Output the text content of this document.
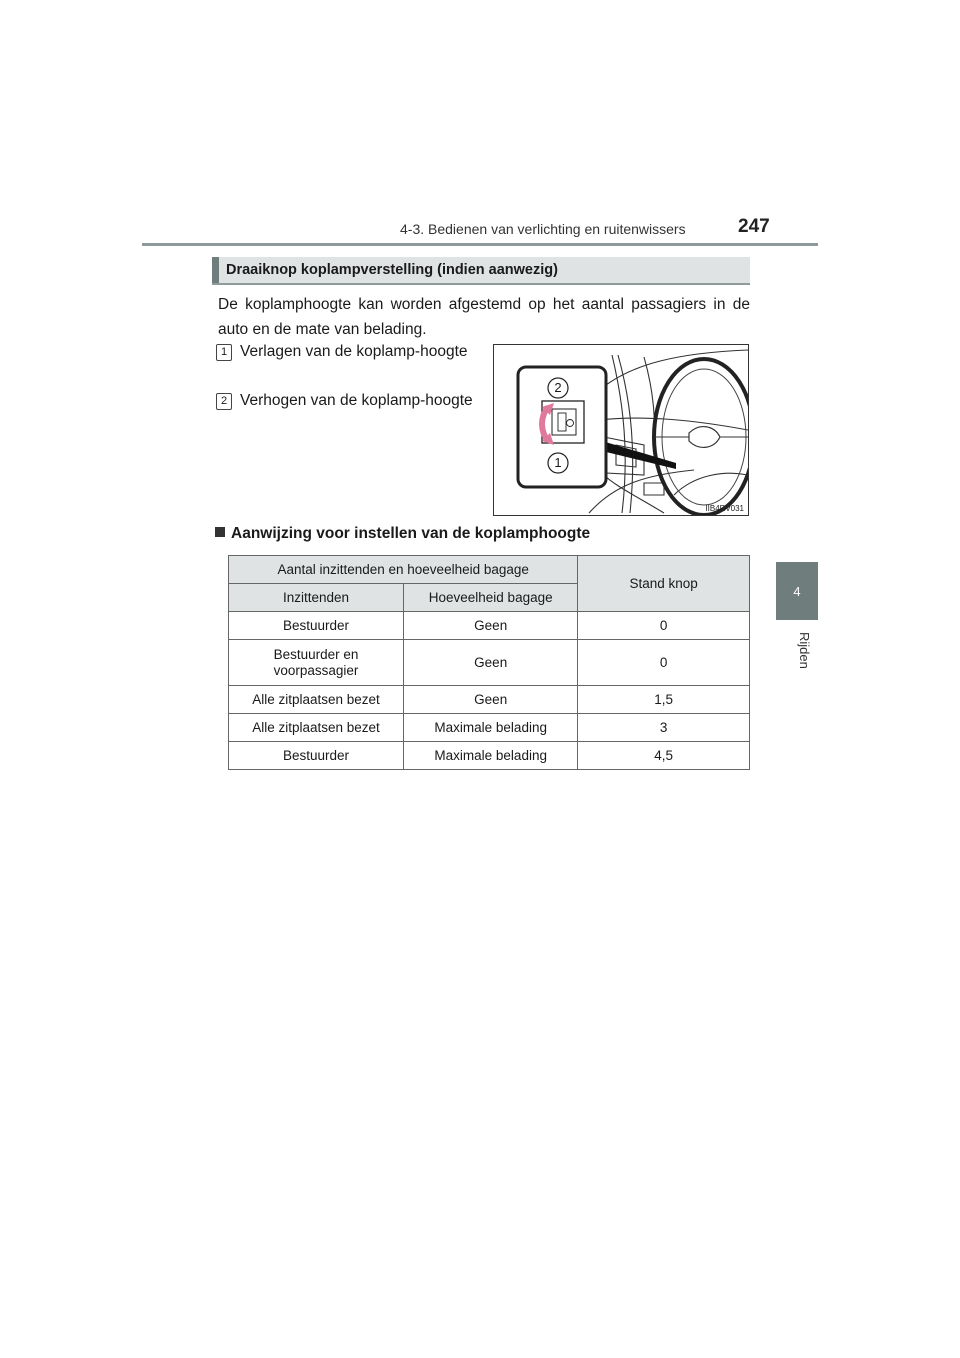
4-3. Bedienen van verlichting en ruitenwissers	247
4
Rijden
Draaiknop koplampverstelling (indien aanwezig)
De koplamphoogte kan worden afgestemd op het aantal passagiers in de auto en de mate van belading.
1 Verlagen van de koplamp-hoogte
2 Verhogen van de koplamp-hoogte
2
1
IIB4RV031
Aanwijzing voor instellen van de koplamphoogte
Aantal inzittenden en hoeveelheid bagage		Stand knop
Inzittenden	Hoeveelheid bagage	
Bestuurder	Geen	0
Bestuurder en voorpassagier	Geen	0
Alle zitplaatsen bezet	Geen	1,5
Alle zitplaatsen bezet	Maximale belading	3
Bestuurder	Maximale belading	4,5
